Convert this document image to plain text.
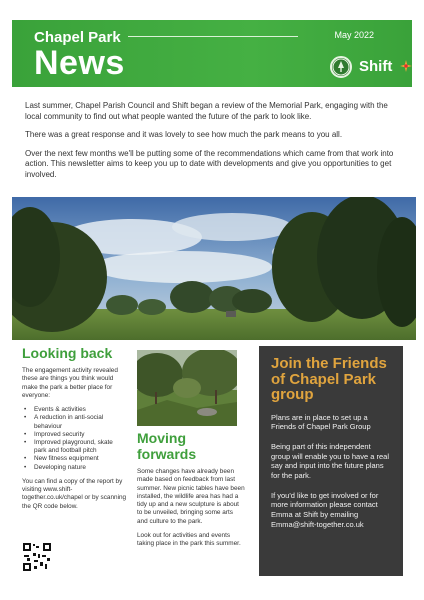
Chapel Park	May 2022
News	Shift

Last summer, Chapel Parish Council and Shift began a review of the Memorial Park, engaging with the local community to find out what people wanted the future of the park to look like.

There was a great response and it was lovely to see how much the park means to you all.

Over the next few months we'll be putting some of the recommendations which came from that work into action. This newsletter aims to keep you up to date with developments and give you opportunities to get involved.

Looking back
The engagement activity revealed these are things you think would make the park a better place for everyone:
• Events & activities
• A reduction in anti-social behaviour
• Improved security
• Improved playground, skate park and football pitch
• New fitness equipment
• Developing nature
You can find a copy of the report by visiting www.shift-together.co.uk/chapel or by scanning the QR code below.
Moving forwards
Some changes have already been made based on feedback from last summer. New picnic tables have been installed, the wildlife area has had a tidy up and a new sculpture is about to be unveiled, bringing some arts and culture to the park.
Look out for activities and events taking place in the park this summer.
Join the Friends of Chapel Park group
Plans are in place to set up a Friends of Chapel Park Group
Being part of this independent group will enable you to have a real say and input into the future plans for the park.
If you'd like to get involved or for more information please contact Emma at Shift by emailing Emma@shift-together.co.uk
